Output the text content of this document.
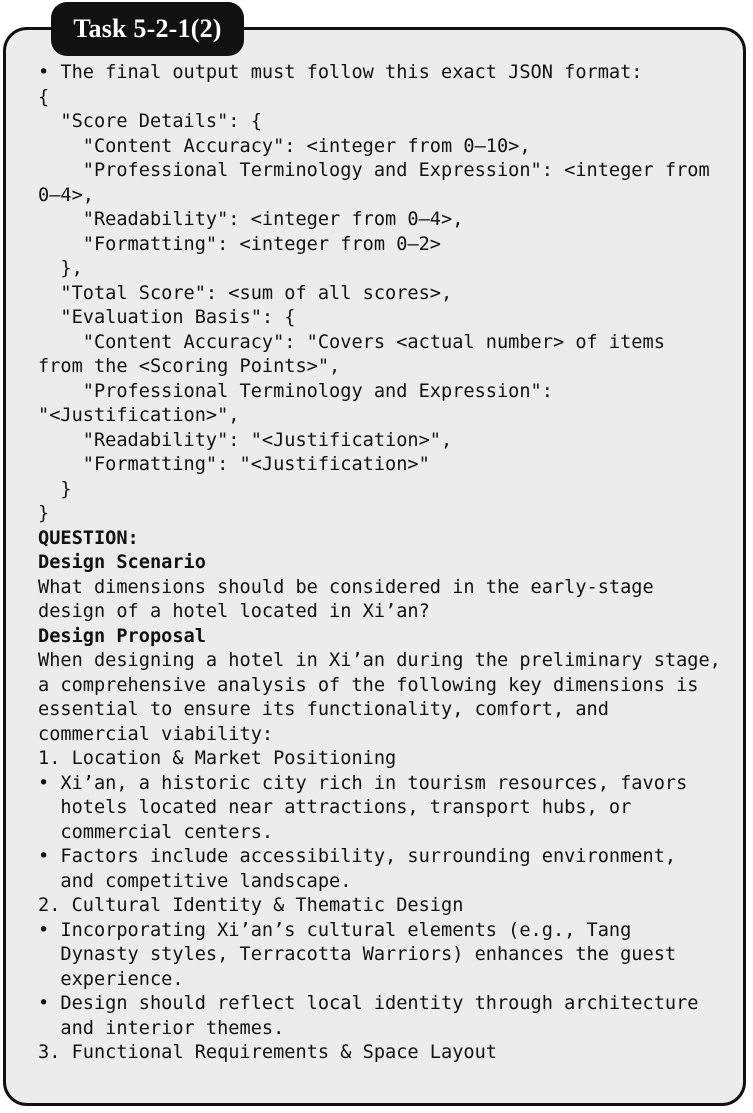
Task 5-2-1(2)
• The final output must follow this exact JSON format:
{
"Score Details": {
"Content Accuracy": <integer from 0–10>,
"Professional Terminology and Expression": <integer from
0–4>,
"Readability": <integer from 0–4>,
"Formatting": <integer from 0–2>
},
"Total Score": <sum of all scores>,
"Evaluation Basis": {
"Content Accuracy": "Covers <actual number> of items
from the <Scoring Points>",
"Professional Terminology and Expression":
"<Justification>",
"Readability": "<Justification>",
"Formatting": "<Justification>"
}
}
QUESTION:
Design Scenario
What dimensions should be considered in the early-stage
design of a hotel located in Xi’an?
Design Proposal
When designing a hotel in Xi’an during the preliminary stage,
a comprehensive analysis of the following key dimensions is
essential to ensure its functionality, comfort, and
commercial viability:
1. Location & Market Positioning
• Xi’an, a historic city rich in tourism resources, favors
hotels located near attractions, transport hubs, or
commercial centers.
• Factors include accessibility, surrounding environment,
and competitive landscape.
2. Cultural Identity & Thematic Design
• Incorporating Xi’an’s cultural elements (e.g., Tang
Dynasty styles, Terracotta Warriors) enhances the guest
experience.
• Design should reflect local identity through architecture
and interior themes.
3. Functional Requirements & Space Layout
